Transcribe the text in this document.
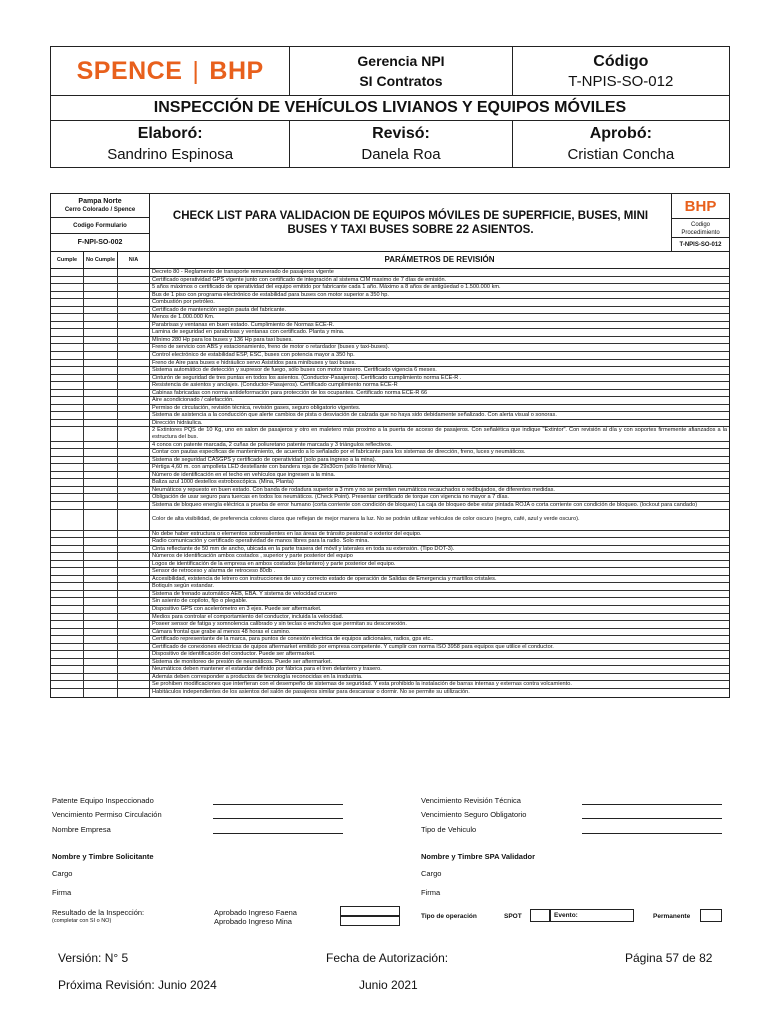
SPENCE | BHP	Gerencia NPI
SI Contratos
Código
T-NPIS-SO-012
INSPECCIÓN DE VEHÍCULOS LIVIANOS Y EQUIPOS MÓVILES
Elaboró:
Sandrino Espinosa
Revisó:
Danela Roa
Aprobó:
Cristian Concha
Pampa Norte
Cerro Colorado / Spence
Codigo Formulario
F-NPI-SO-002
CHECK LIST PARA VALIDACION DE EQUIPOS MÓVILES DE SUPERFICIE, BUSES, MINI BUSES Y TAXI BUSES SOBRE 22 ASIENTOS.
BHP
Codigo Procedimiento
T-NPIS-SO-012
Cumple	No Cumple	N/A	PARÁMETROS DE REVISIÓN
Decreto 80 - Reglamento de transporte remunerado de pasajeros vigente
Certificado operatividad GPS vigente junto con certificado de integración al sistema CIM maximo de 7 días de emisión.
5 años máximos o certificado de operatividad del equipo emitido por fabricante cada 1 año. Máximo a 8 años de antigüedad o 1.500.000 km.
Bus de 1 piso con programa electrónico de estabilidad para buses con motor superior a 350 hp.
Combustión por petróleo.
Certificado de mantención según pauta del fabricante.
Menos de 1.000.000 Km.
Parabrisas y ventanas en buen estado. Cumplimiento de Normas ECE-R.
Lamina de seguridad en parabrisas y ventanas con certificado. Planta y mina.
Mínimo 280 Hp para los buses y 136 Hp para taxi buses.
Freno de servicio con ABS y estacionamiento, freno de motor o retardador (buses y taxi-buses).
Control electrónico de estabilidad ESP, ESC, buses con potencia mayor a 350 hp.
Freno de Aire para buses e hidráulico servo Asistidos para minibuses y taxi buses.
Sistema automático de detección y supresor de fuego, sólo buses con motor trasero. Certificado vigencia 6 meses.
Cinturón de seguridad de tres puntas en todos los asientos. (Conductor-Pasajeros). Certificado cumplimiento norma ECE-R .
Resistencia de asientos y anclajes. (Conductor-Pasajeros). Certificado cumplimiento norma ECE-R
Cabinas fabricadas con norma antideformación para protección de los ocupantes. Certificado norma ECE-R 66
Aire acondicionado / calefacción.
Permiso de circulación, revisión técnica, revisión gases, seguro obligatorio vigentes.
Sistema de asistencia a la conducción que alerte cambios de pista o desviación de calzada que no haya sido debidamente señalizado. Con alerta visual o sonoras.
Dirección hidráulica.
2 Extintores PQS de 10 Kg, uno en salon de pasajeros y otro en maletero más proximo a la puerta de acceso de pasajeros. Con señalética que indique "Extintor". Con revisión al día y con soportes firmemente afianzados a la estructura del bus.
4 conos con patente marcada, 2 cuñas de poliuretano patente marcada y 3 triángulos reflectivos.
Contar con pautas especificas de mantenimiento, de acuerdo a lo señalado por el fabricante para los sistemas de dirección, freno, luces y neumáticos.
Sistema de seguridad CASGPS y certificado de operatividad (solo para ingreso a la mina).
Pértiga 4,60 m. con ampolleta LED destellante con bandera roja de 29x30cm (sólo Interior Mina).
Número de identificación en el techo en vehículos que ingresen a la mina.
Baliza azul 1000 destellos estroboscópica. (Mina, Planta)
Neumáticos y repuesto en buen estado. Con banda de rodadura superior a 3 mm y no se permiten neumáticos recauchados o redibujados, de diferentes medidas.
Obligación de usar seguro para tuercas en todos los neumáticos. (Check Point). Presentar certificado de torque con vigencia no mayor a 7 días.
Sistema de bloqueo energía eléctrica a prueba de error humano (corta corriente con condición de bloqueo) La caja de bloqueo debe estar pintada ROJA o corta corriente con condición de bloqueo. (lockout para candado)
Color de alta visibilidad, de preferencia colores claros que reflejan de mejor manera la luz. No se podrán utilizar vehículos de color oscuro (negro, café, azul y verde oscuro).
No debe haber estructura o elementos sobresalientes en las áreas de tránsito peatonal o exterior del equipo.
Radio comunicación y certificado operatividad de manos libres para la radio. Solo mina.
Cinta reflectante de 50 mm de ancho, ubicada en la parte trasera del móvil y laterales en toda su extensión. (Tipo DOT-3).
Números de identificación ambos costados , superior y parte posterior del equipo
Logos de identificación de la empresa en ambos costados (delantero) y parte posterior del equipo.
Sensor de retroceso y alarma de retroceso 80db .
Accesibilidad, existencia de letrero con instrucciones de uso y correcto estado de operación de Salidas de Emergencia y martillos cristales.
Botiquín según estandar.
Sistema de frenado automático AEB, EBA. Y sistema de velocidad crucero
Sin asiento de copiloto, fijo o plegable.
Dispositivo GPS con acelerómetro en 3 ejes. Puede ser aftermarket.
Medios para controlar el comportamiento del conductor, incluida la velocidad.
Poseer sensor de fatiga y somnolencia calibrado y sin teclas o enchufes que permitan su desconexión.
Cámara frontal que grabe al menos 48 horas el camino.
Certificado representante de la marca, para puntos de conexión electrica de equipos adicionales, radios, gps etc..
Certificado de conexiones electricas de quipos aftermarket emitido por empresa competente. Y cumplir con norma ISO 3958 para equipos que utilice el conductor.
Dispositivo de identificación del conductor. Puede ser aftermarket.
Sistema de monitoreo de presión de neumáticos. Puede ser aftermarket.
Neumáticos deben mantener el estandar definido por fábrica para el tren delantero y trasero.
Además deben corresponder a productos de tecnología reconocidas en la insdustria.
Se prohiben modificaciones que interfieran con el desempeño de sistemas de seguridad. Y esta prohibido la instalación de barras internas y externas contra volcamiento.
Habitáculos independientes de los asientos del salón de pasajeros similar para descansar o dormir. No se permite su utilización.
Patente Equipo Inspeccionado
Vencimiento Permiso Circulación
Nombre Empresa
Vencimiento Revisión Técnica
Vencimiento Seguro Obligatorio
Tipo de Vehiculo
Nombre y Timbre Solicitante	Nombre y Timbre SPA Validador
Cargo	Cargo
Firma	Firma
Resultado de la Inspección:
(completar con SI o NO)
Aprobado Ingreso Faena
Aprobado Ingreso Mina
Tipo de operación	SPOT	Evento:	Permanente
Versión: N° 5	Fecha de Autorización:	Página 57 de 82
Próxima Revisión: Junio 2024	Junio 2021
